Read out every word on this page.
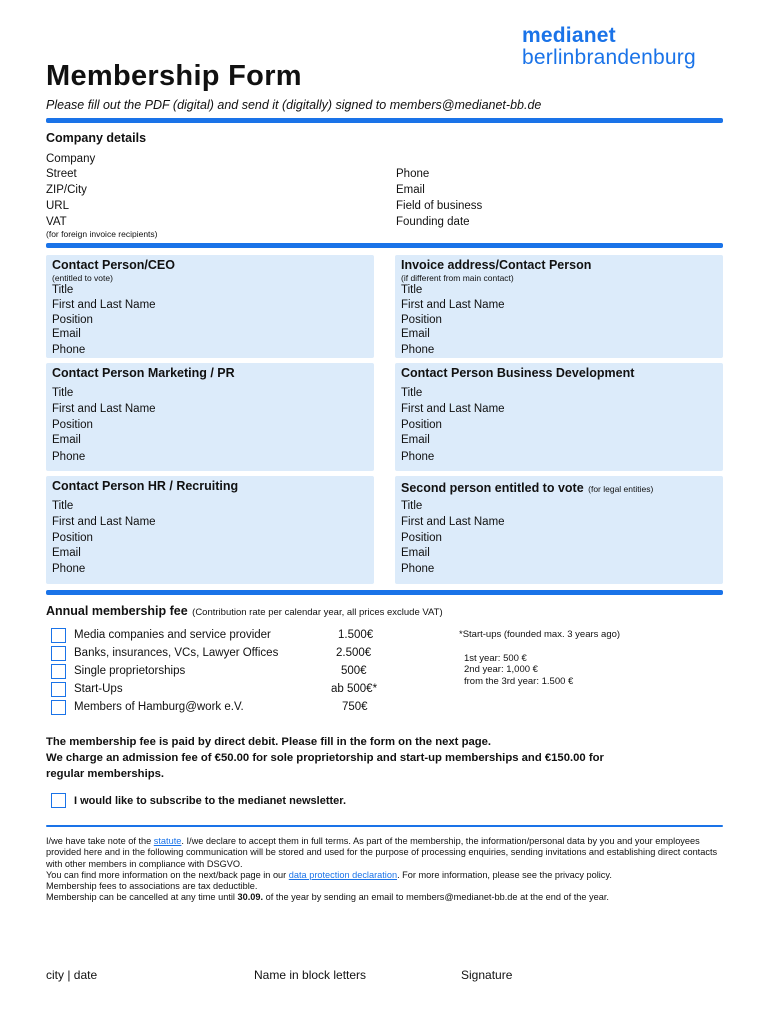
medianet
berlinbrandenburg
Membership Form
Please fill out the PDF (digital) and send it (digitally) signed to members@medianet-bb.de
Company details
Company
Street
ZIP/City
URL
VAT
(for foreign invoice recipients)
Phone
Email
Field of business
Founding date
Contact Person/CEO
(entitled to vote)
Title
First and Last Name
Position
Email
Phone
Invoice address/Contact Person
(if different from main contact)
Title
First and Last Name
Position
Email
Phone
Contact Person Marketing / PR
Title
First and Last Name
Position
Email
Phone
Contact Person Business Development
Title
First and Last Name
Position
Email
Phone
Contact Person HR / Recruiting
Title
First and Last Name
Position
Email
Phone
Second person entitled to vote (for legal entities)
Title
First and Last Name
Position
Email
Phone
Annual membership fee (Contribution rate per calendar year, all prices exclude VAT)
Media companies and service provider	1.500€
Banks, insurances, VCs, Lawyer Offices	2.500€
Single proprietorships	500€
Start-Ups	ab 500€*
Members of Hamburg@work e.V.	750€
*Start-ups (founded max. 3 years ago)
1st year: 500 €
2nd year: 1,000 €
from the 3rd year: 1.500 €
The membership fee is paid by direct debit. Please fill in the form on the next page.
We charge an admission fee of €50.00 for sole proprietorship and start-up memberships and €150.00 for
regular memberships.
I would like to subscribe to the medianet newsletter.
I/we have take note of the statute. I/we declare to accept them in full terms. As part of the membership, the information/personal data by you and your employees provided here and in the following communication will be stored and used for the purpose of processing enquiries, sending invitations and establishing direct contacts with other members in compliance with DSGVO.
You can find more information on the next/back page in our data protection declaration. For more information, please see the privacy policy.
Membership fees to associations are tax deductible.
Membership can be cancelled at any time until 30.09. of the year by sending an email to members@medianet-bb.de at the end of the year.
city | date	Name in block letters	Signature
